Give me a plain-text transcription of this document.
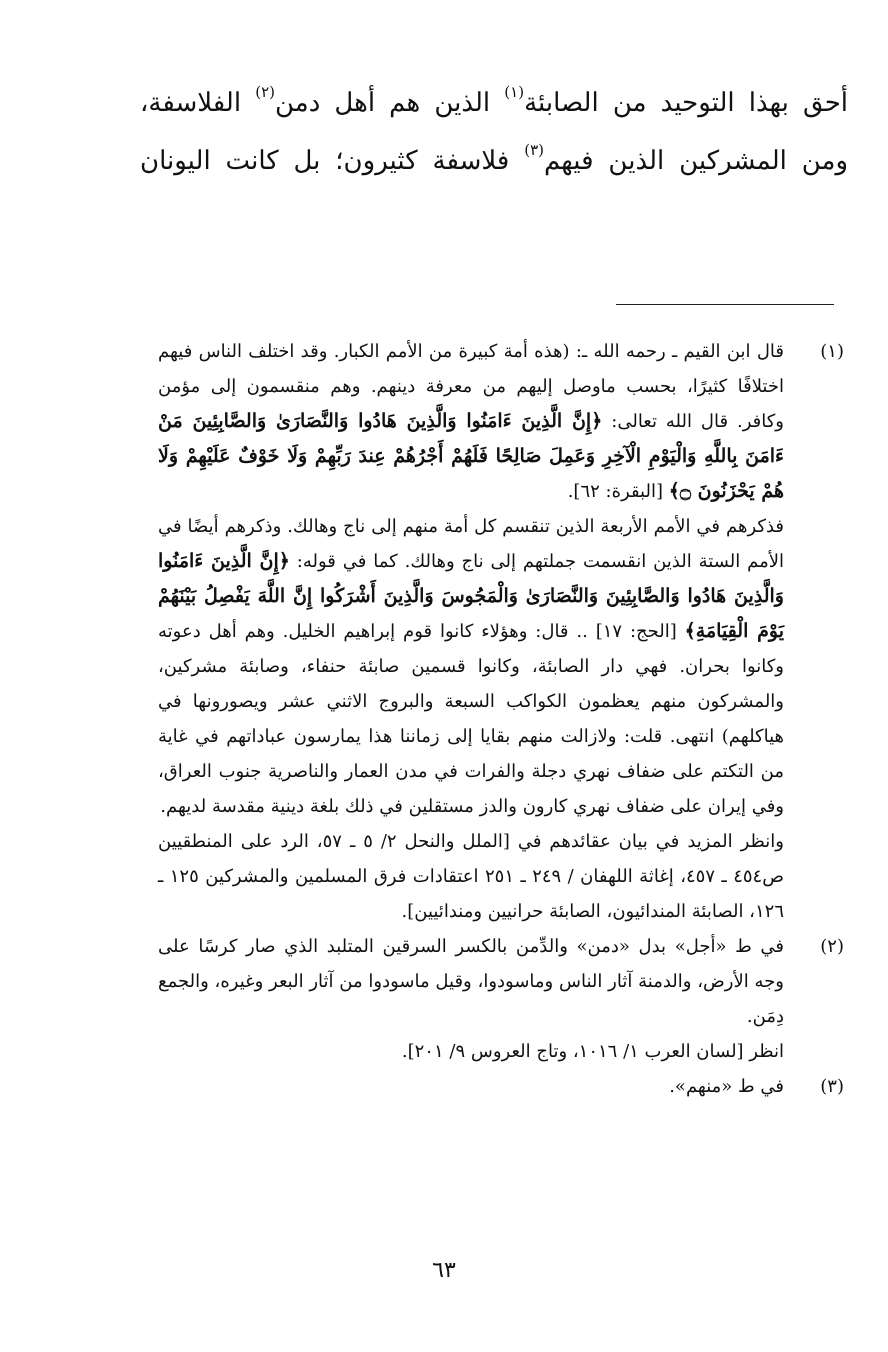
أحق بهذا التوحيد من الصابئة$^{(١)}$ الذين هم أهل دمن$^{(٢)}$ الفلاسفة،
ومن المشركين الذين فيهم$^{(٣)}$ فلاسفة كثيرون؛ بل كانت اليونان
(١)
قال ابن القيم ـ رحمه الله ـ: (هذه أمة كبيرة من الأمم الكبار. وقد اختلف الناس فيهم اختلافًا كثيرًا، بحسب ماوصل إليهم من معرفة دينهم. وهم منقسمون إلى مؤمن وكافر. قال الله تعالى: ﴿إِنَّ الَّذِينَ ءَامَنُوا وَالَّذِينَ هَادُوا وَالنَّصَارَىٰ وَالصَّابِئِينَ مَنْ ءَامَنَ بِاللَّهِ وَالْيَوْمِ الْآخِرِ وَعَمِلَ صَالِحًا فَلَهُمْ أَجْرُهُمْ عِندَ رَبِّهِمْ وَلَا خَوْفٌ عَلَيْهِمْ وَلَا هُمْ يَحْزَنُونَ ۝﴾ [البقرة: ٦٢].
فذكرهم في الأمم الأربعة الذين تنقسم كل أمة منهم إلى ناج وهالك. وذكرهم أيضًا في الأمم الستة الذين انقسمت جملتهم إلى ناج وهالك. كما في قوله: ﴿إِنَّ الَّذِينَ ءَامَنُوا وَالَّذِينَ هَادُوا وَالصَّابِئِينَ وَالنَّصَارَىٰ وَالْمَجُوسَ وَالَّذِينَ أَشْرَكُوا إِنَّ اللَّهَ يَفْصِلُ بَيْنَهُمْ يَوْمَ الْقِيَامَةِ﴾ [الحج: ١٧] .. قال: وهؤلاء كانوا قوم إبراهيم الخليل. وهم أهل دعوته وكانوا بحران. فهي دار الصابئة، وكانوا قسمين صابئة حنفاء، وصابئة مشركين، والمشركون منهم يعظمون الكواكب السبعة والبروج الاثني عشر ويصورونها في هياكلهم) انتهى. قلت: ولازالت منهم بقايا إلى زماننا هذا يمارسون عباداتهم في غاية من التكتم على ضفاف نهري دجلة والفرات في مدن العمار والناصرية جنوب العراق، وفي إيران على ضفاف نهري كارون والدز مستقلين في ذلك بلغة دينية مقدسة لديهم.
وانظر المزيد في بيان عقائدهم في [الملل والنحل ٢/ ٥ ـ ٥٧، الرد على المنطقيين ص٤٥٤ ـ ٤٥٧، إغاثة اللهفان / ٢٤٩ ـ ٢٥١ اعتقادات فرق المسلمين والمشركين ١٢٥ ـ ١٢٦، الصابئة المندائيون، الصابئة حرانيين ومندائيين].
(٢)
في ط «أجل» بدل «دمن» والدِّمن بالكسر السرقين المتلبد الذي صار كرسًا على وجه الأرض، والدمنة آثار الناس وماسودوا، وقيل ماسودوا من آثار البعر وغيره، والجمع دِمَن.
انظر [لسان العرب ١/ ١٠١٦، وتاج العروس ٩/ ٢٠١].
(٣)
في ط «منهم».
٦٣
